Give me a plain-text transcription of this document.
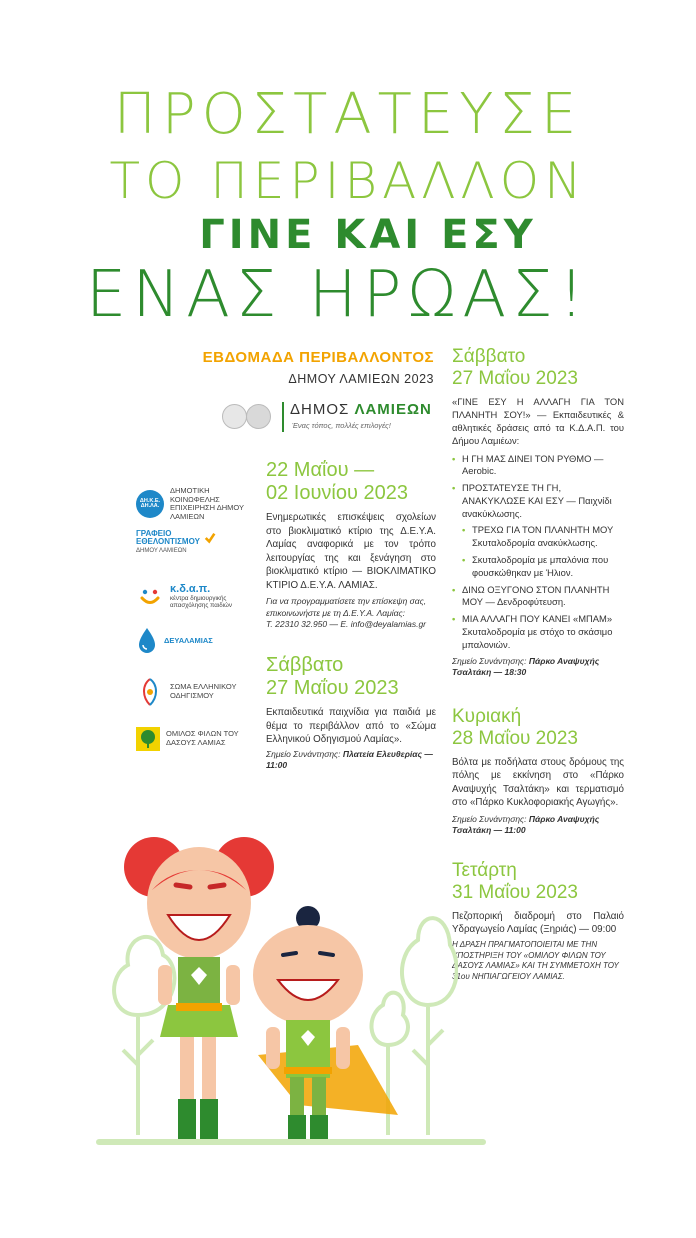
ΠΡΟΣΤΑΤΕΥΣΕ
ΤΟ ΠΕΡΙΒΑΛΛΟΝ
ΓΙΝΕ ΚΑΙ ΕΣΥ
ΕΝΑΣ ΗΡΩΑΣ!
ΕΒΔΟΜΑΔΑ ΠΕΡΙΒΑΛΛΟΝΤΟΣ
ΔΗΜΟΥ ΛΑΜΙΕΩΝ 2023
ΔΗΜΟΣ ΛΑΜΙΕΩΝ
Ένας τόπος, πολλές επιλογές!
ΔΗ.Κ.Ε. ΔΗ.ΛΑ.
ΔΗΜΟΤΙΚΗ ΚΟΙΝΩΦΕΛΗΣ ΕΠΙΧΕΙΡΗΣΗ ΔΗΜΟΥ ΛΑΜΙΕΩΝ
ΓΡΑΦΕΙΟ ΕΘΕΛΟΝΤΙΣΜΟΥ
ΔΗΜΟΥ ΛΑΜΙΕΩΝ
κ.δ.α.π.
κέντρα δημιουργικής απασχόλησης παιδιών
ΔΕΥΑΛΑΜΙΑΣ
ΣΩΜΑ ΕΛΛΗΝΙΚΟΥ ΟΔΗΓΙΣΜΟΥ
ΟΜΙΛΟΣ ΦΙΛΩΝ ΤΟΥ ΔΑΣΟΥΣ ΛΑΜΙΑΣ
22 Μαΐου —
02 Ιουνίου 2023
Ενημερωτικές επισκέψεις σχολείων στο βιοκλιματικό κτίριο της Δ.Ε.Υ.Α. Λαμίας αναφορικά με τον τρόπο λειτουργίας της και ξενάγηση στο βιοκλιματικό κτίριο — ΒΙΟΚΛΙΜΑΤΙΚΟ ΚΤΙΡΙΟ Δ.Ε.Υ.Α. ΛΑΜΙΑΣ.
Για να προγραμματίσετε την επίσκεψη σας, επικοινωνήστε με τη Δ.Ε.Υ.Α. Λαμίας:
Τ. 22310 32.950 — Ε. info@deyalamias.gr
Σάββατο
27 Μαΐου 2023
Εκπαιδευτικά παιχνίδια για παιδιά με θέμα το περιβάλλον από το «Σώμα Ελληνικού Οδηγισμού Λαμίας».
Σημείο Συνάντησης: Πλατεία Ελευθερίας — 11:00
Σάββατο
27 Μαΐου 2023
«ΓΙΝΕ ΕΣΥ Η ΑΛΛΑΓΗ ΓΙΑ ΤΟΝ ΠΛΑΝΗΤΗ ΣΟΥ!» — Εκπαιδευτικές & αθλητικές δράσεις από τα Κ.Δ.Α.Π. του Δήμου Λαμιέων:
• Η ΓΗ ΜΑΣ ΔΙΝΕΙ ΤΟΝ ΡΥΘΜΟ — Aerobic.
• ΠΡΟΣΤΑΤΕΥΣΕ ΤΗ ΓΗ, ΑΝΑΚΥΚΛΩΣΕ ΚΑΙ ΕΣΥ — Παιχνίδι ανακύκλωσης.
• ΤΡΕΧΩ ΓΙΑ ΤΟΝ ΠΛΑΝΗΤΗ ΜΟΥ Σκυταλοδρομία ανακύκλωσης.
• Σκυταλοδρομία με μπαλόνια που φουσκώθηκαν με Ήλιον.
• ΔΙΝΩ ΟΞΥΓΟΝΟ ΣΤΟΝ ΠΛΑΝΗΤΗ ΜΟΥ — Δενδροφύτευση.
• ΜΙΑ ΑΛΛΑΓΗ ΠΟΥ ΚΑΝΕΙ «ΜΠΑΜ» Σκυταλοδρομία με στόχο το σκάσιμο μπαλονιών.
Σημείο Συνάντησης: Πάρκο Αναψυχής Τσαλτάκη — 18:30
Κυριακή
28 Μαΐου 2023
Βόλτα με ποδήλατα στους δρόμους της πόλης με εκκίνηση στο «Πάρκο Αναψυχής Τσαλτάκη» και τερματισμό στο «Πάρκο Κυκλοφοριακής Αγωγής».
Σημείο Συνάντησης: Πάρκο Αναψυχής Τσαλτάκη — 11:00
Τετάρτη
31 Μαΐου 2023
Πεζοπορική διαδρομή στο Παλαιό Υδραγωγείο Λαμίας (Ξηριάς) — 09:00
Η ΔΡΑΣΗ ΠΡΑΓΜΑΤΟΠΟΙΕΙΤΑΙ ΜΕ ΤΗΝ ΥΠΟΣΤΗΡΙΞΗ ΤΟΥ «ΟΜΙΛΟΥ ΦΙΛΩΝ ΤΟΥ ΔΑΣΟΥΣ ΛΑΜΙΑΣ» ΚΑΙ ΤΗ ΣΥΜΜΕΤΟΧΗ ΤΟΥ 31ου ΝΗΠΙΑΓΩΓΕΙΟΥ ΛΑΜΙΑΣ.
